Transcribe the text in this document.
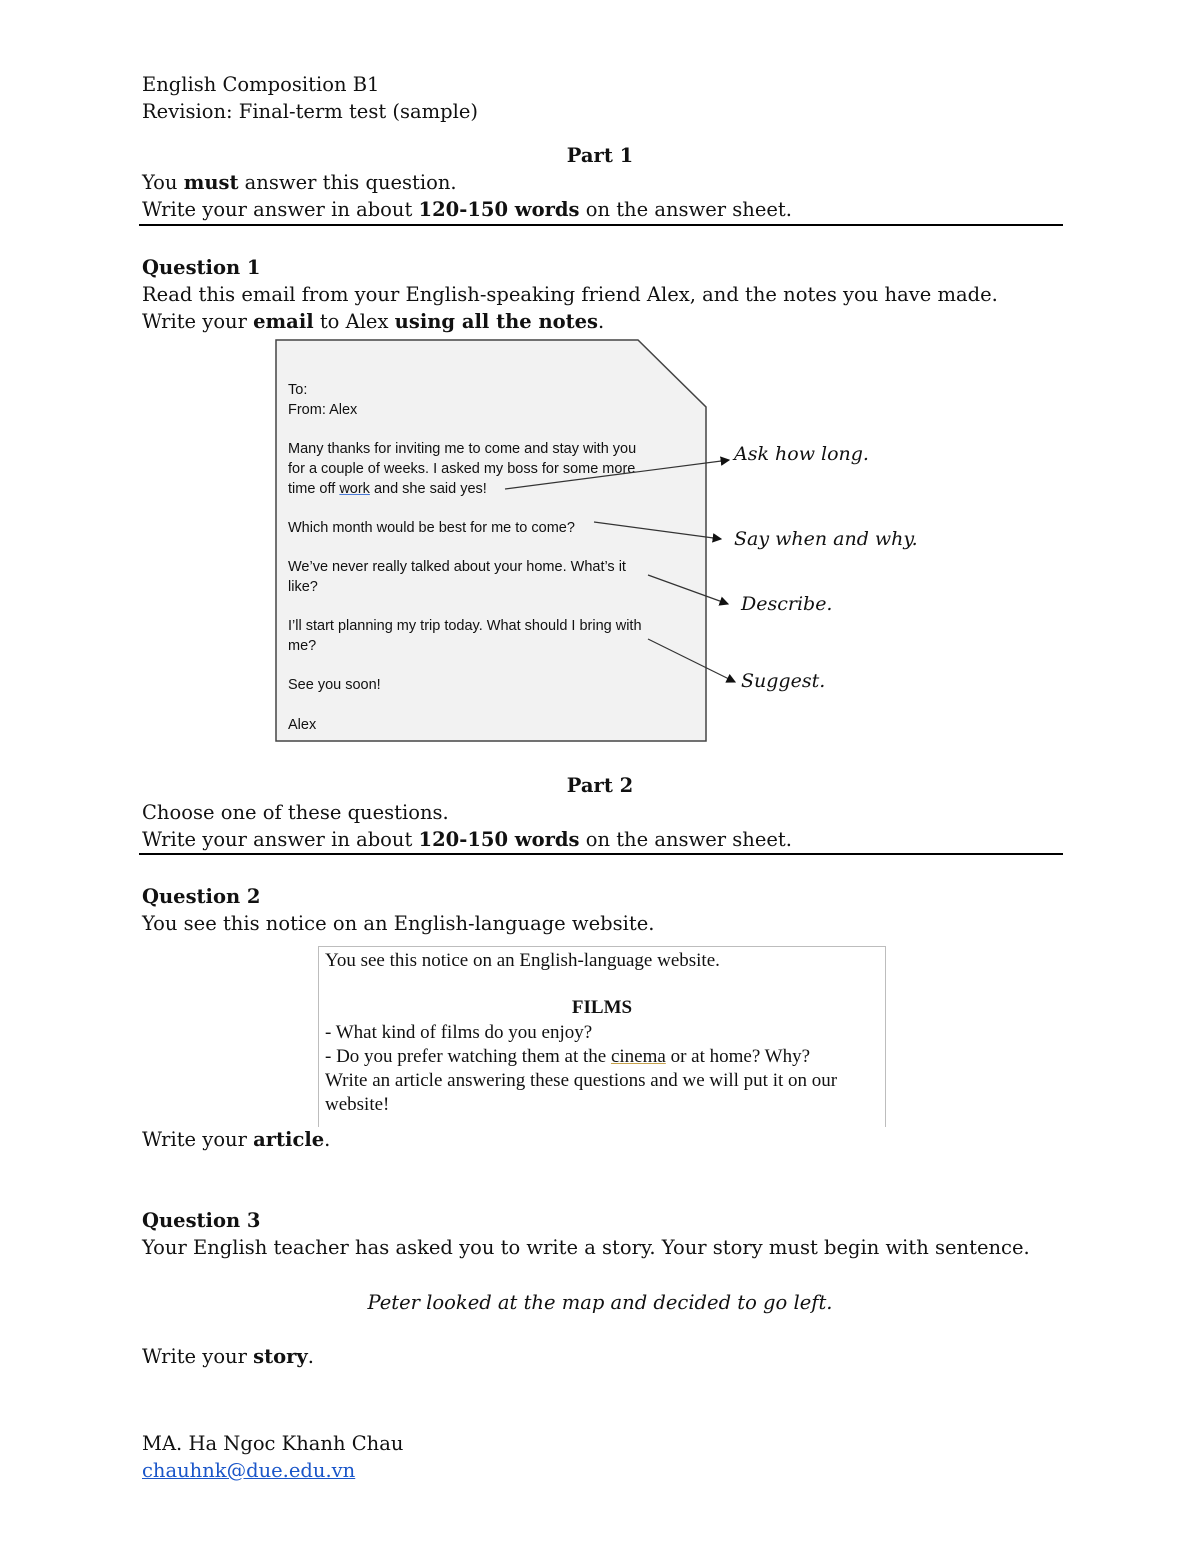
English Composition B1
Revision: Final-term test (sample)
Part 1
You must answer this question.
Write your answer in about 120-150 words on the answer sheet.
Question 1
Read this email from your English-speaking friend Alex, and the notes you have made.
Write your email to Alex using all the notes.
To:
From: Alex
Many thanks for inviting me to come and stay with you
for a couple of weeks. I asked my boss for some more
time off work and she said yes!
Which month would be best for me to come?
We’ve never really talked about your home. What’s it
like?
I’ll start planning my trip today. What should I bring with
me?
See you soon!
Alex
Ask how long.
Say when and why.
Describe.
Suggest.
Part 2
Choose one of these questions.
Write your answer in about 120-150 words on the answer sheet.
Question 2
You see this notice on an English-language website.
You see this notice on an English-language website.
FILMS
- What kind of films do you enjoy?
- Do you prefer watching them at the cinema or at home? Why?
Write an article answering these questions and we will put it on our
website!
Write your article.
Question 3
Your English teacher has asked you to write a story. Your story must begin with sentence.
Peter looked at the map and decided to go left.
Write your story.
MA. Ha Ngoc Khanh Chau
chauhnk@due.edu.vn
